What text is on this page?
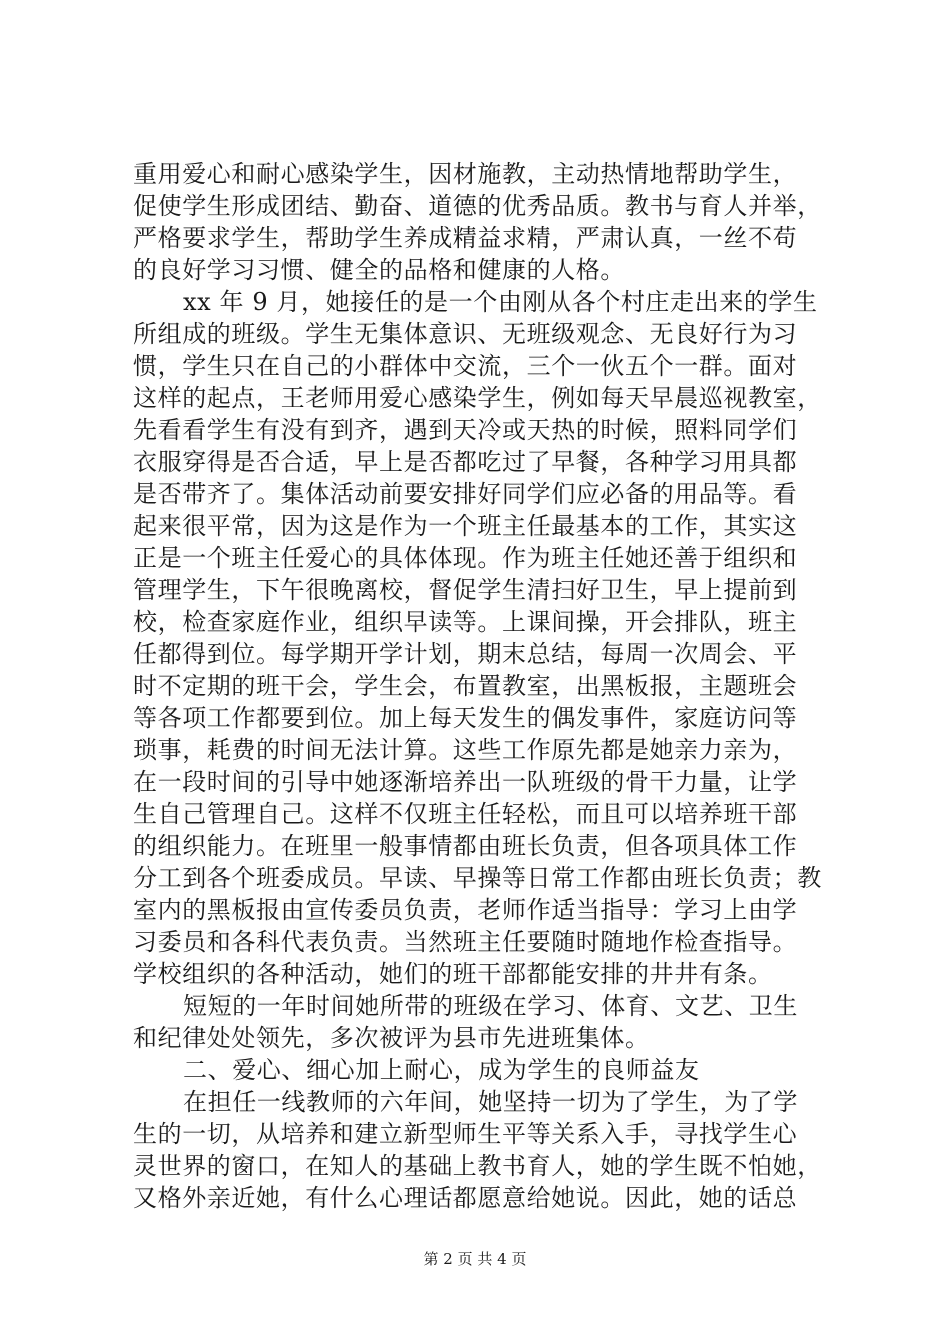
重用爱心和耐心感染学生，因材施教，主动热情地帮助学生，
促使学生形成团结、勤奋、道德的优秀品质。教书与育人并举，
严格要求学生，帮助学生养成精益求精，严肃认真，一丝不苟
的良好学习习惯、健全的品格和健康的人格。
xx 年 9 月，她接任的是一个由刚从各个村庄走出来的学生
所组成的班级。学生无集体意识、无班级观念、无良好行为习
惯，学生只在自己的小群体中交流，三个一伙五个一群。面对
这样的起点，王老师用爱心感染学生，例如每天早晨巡视教室，
先看看学生有没有到齐，遇到天冷或天热的时候，照料同学们
衣服穿得是否合适，早上是否都吃过了早餐，各种学习用具都
是否带齐了。集体活动前要安排好同学们应必备的用品等。看
起来很平常，因为这是作为一个班主任最基本的工作，其实这
正是一个班主任爱心的具体体现。作为班主任她还善于组织和
管理学生，下午很晚离校，督促学生清扫好卫生，早上提前到
校，检查家庭作业，组织早读等。上课间操，开会排队，班主
任都得到位。每学期开学计划，期末总结，每周一次周会、平
时不定期的班干会，学生会，布置教室，出黑板报，主题班会
等各项工作都要到位。加上每天发生的偶发事件，家庭访问等
琐事，耗费的时间无法计算。这些工作原先都是她亲力亲为，
在一段时间的引导中她逐渐培养出一队班级的骨干力量，让学
生自己管理自己。这样不仅班主任轻松，而且可以培养班干部
的组织能力。在班里一般事情都由班长负责，但各项具体工作
分工到各个班委成员。早读、早操等日常工作都由班长负责；教
室内的黑板报由宣传委员负责，老师作适当指导：学习上由学
习委员和各科代表负责。当然班主任要随时随地作检查指导。
学校组织的各种活动，她们的班干部都能安排的井井有条。
短短的一年时间她所带的班级在学习、体育、文艺、卫生
和纪律处处领先，多次被评为县市先进班集体。
二、爱心、细心加上耐心，成为学生的良师益友
在担任一线教师的六年间，她坚持一切为了学生，为了学
生的一切，从培养和建立新型师生平等关系入手，寻找学生心
灵世界的窗口，在知人的基础上教书育人，她的学生既不怕她，
又格外亲近她，有什么心理话都愿意给她说。因此，她的话总
第 2 页 共 4 页
